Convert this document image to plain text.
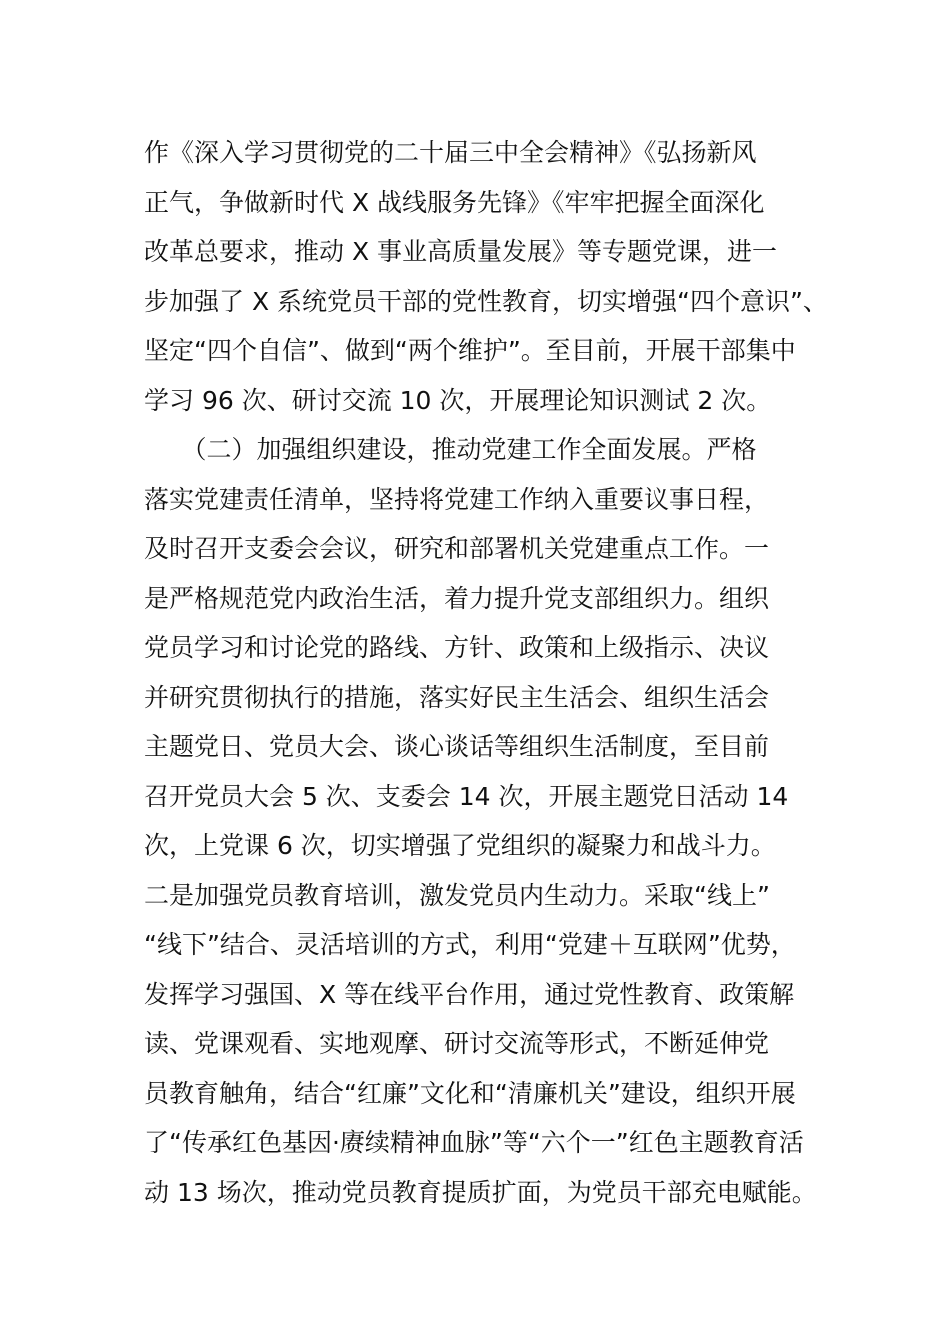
作《深入学习贯彻党的二十届三中全会精神》《弘扬新风
正气，争做新时代 X 战线服务先锋》《牢牢把握全面深化
改革总要求，推动 X 事业高质量发展》等专题党课，进一
步加强了 X 系统党员干部的党性教育，切实增强“四个意识”、
坚定“四个自信”、做到“两个维护”。至目前，开展干部集中
学习 96 次、研讨交流 10 次，开展理论知识测试 2 次。
　　（二）加强组织建设，推动党建工作全面发展。严格
落实党建责任清单，坚持将党建工作纳入重要议事日程，
及时召开支委会会议，研究和部署机关党建重点工作。一
是严格规范党内政治生活，着力提升党支部组织力。组织
党员学习和讨论党的路线、方针、政策和上级指示、决议
并研究贯彻执行的措施，落实好民主生活会、组织生活会
主题党日、党员大会、谈心谈话等组织生活制度，至目前
召开党员大会 5 次、支委会 14 次，开展主题党日活动 14
次，上党课 6 次，切实增强了党组织的凝聚力和战斗力。
二是加强党员教育培训，激发党员内生动力。采取“线上”
“线下”结合、灵活培训的方式，利用“党建＋互联网”优势，
发挥学习强国、X 等在线平台作用，通过党性教育、政策解
读、党课观看、实地观摩、研讨交流等形式，不断延伸党
员教育触角，结合“红廉”文化和“清廉机关”建设，组织开展
了“传承红色基因·赓续精神血脉”等“六个一”红色主题教育活
动 13 场次，推动党员教育提质扩面，为党员干部充电赋能。
